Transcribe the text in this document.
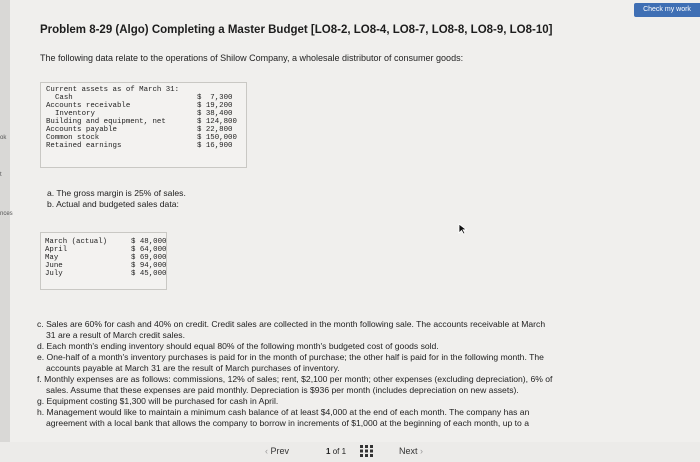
ok
t
nces
Check my work
Problem 8-29 (Algo) Completing a Master Budget [LO8-2, LO8-4, LO8-7, LO8-8, LO8-9, LO8-10]
The following data relate to the operations of Shilow Company, a wholesale distributor of consumer goods:
Current assets as of March 31:
Cash
Accounts receivable
Inventory
Building and equipment, net
Accounts payable
Common stock
Retained earnings
$  7,300
$ 19,200
$ 38,400
$ 124,800
$ 22,800
$ 150,000
$ 16,900
a. The gross margin is 25% of sales.
b. Actual and budgeted sales data:
March (actual)
April
May
June
July
$ 48,000
$ 64,000
$ 69,000
$ 94,000
$ 45,000
c. Sales are 60% for cash and 40% on credit. Credit sales are collected in the month following sale. The accounts receivable at March
31 are a result of March credit sales.
d. Each month's ending inventory should equal 80% of the following month's budgeted cost of goods sold.
e. One-half of a month's inventory purchases is paid for in the month of purchase; the other half is paid for in the following month. The
accounts payable at March 31 are the result of March purchases of inventory.
f. Monthly expenses are as follows: commissions, 12% of sales; rent, $2,100 per month; other expenses (excluding depreciation), 6% of
sales. Assume that these expenses are paid monthly. Depreciation is $936 per month (includes depreciation on new assets).
g. Equipment costing $1,300 will be purchased for cash in April.
h. Management would like to maintain a minimum cash balance of at least $4,000 at the end of each month. The company has an
agreement with a local bank that allows the company to borrow in increments of $1,000 at the beginning of each month, up to a
‹ Prev	1 of 1	Next ›
